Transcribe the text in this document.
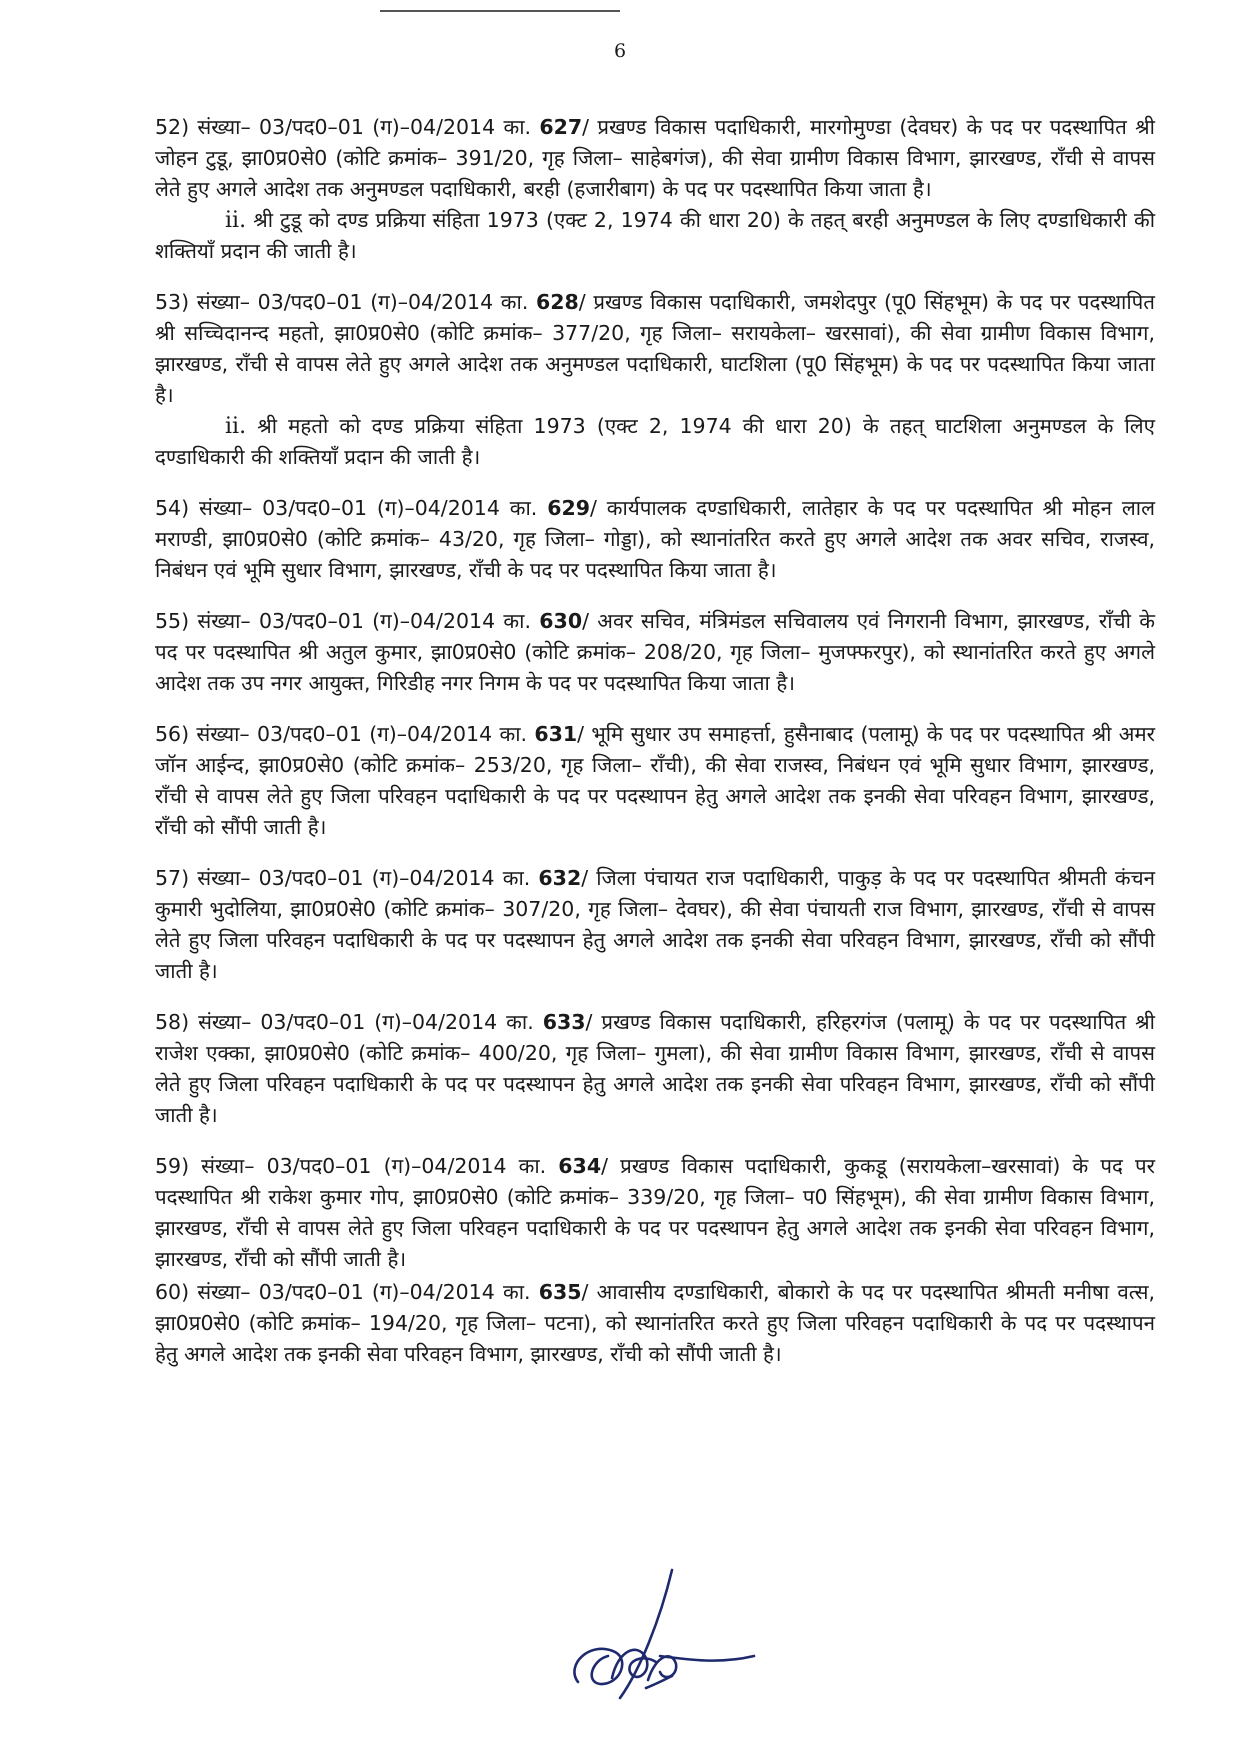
6

52) संख्या– 03/पद0–01 (ग)–04/2014 का. 627/ प्रखण्ड विकास पदाधिकारी, मारगोमुण्डा (देवघर) के पद पर पदस्थापित श्री जोहन टुडू, झा0प्र0से0 (कोटि क्रमांक– 391/20, गृह जिला– साहेबगंज), की सेवा ग्रामीण विकास विभाग, झारखण्ड, राँची से वापस लेते हुए अगले आदेश तक अनुमण्डल पदाधिकारी, बरही (हजारीबाग) के पद पर पदस्थापित किया जाता है।

ii. श्री टुडू को दण्ड प्रक्रिया संहिता 1973 (एक्ट 2, 1974 की धारा 20) के तहत् बरही अनुमण्डल के लिए दण्डाधिकारी की शक्तियाँ प्रदान की जाती है।

53) संख्या– 03/पद0–01 (ग)–04/2014 का. 628/ प्रखण्ड विकास पदाधिकारी, जमशेदपुर (पू0 सिंहभूम) के पद पर पदस्थापित श्री सच्चिदानन्द महतो, झा0प्र0से0 (कोटि क्रमांक– 377/20, गृह जिला– सरायकेला– खरसावां), की सेवा ग्रामीण विकास विभाग, झारखण्ड, राँची से वापस लेते हुए अगले आदेश तक अनुमण्डल पदाधिकारी, घाटशिला (पू0 सिंहभूम) के पद पर पदस्थापित किया जाता है।

ii. श्री महतो को दण्ड प्रक्रिया संहिता 1973 (एक्ट 2, 1974 की धारा 20) के तहत् घाटशिला अनुमण्डल के लिए दण्डाधिकारी की शक्तियाँ प्रदान की जाती है।

54) संख्या– 03/पद0–01 (ग)–04/2014 का. 629/ कार्यपालक दण्डाधिकारी, लातेहार के पद पर पदस्थापित श्री मोहन लाल मराण्डी, झा0प्र0से0 (कोटि क्रमांक– 43/20, गृह जिला– गोड्डा), को स्थानांतरित करते हुए अगले आदेश तक अवर सचिव, राजस्व, निबंधन एवं भूमि सुधार विभाग, झारखण्ड, राँची के पद पर पदस्थापित किया जाता है।

55) संख्या– 03/पद0–01 (ग)–04/2014 का. 630/ अवर सचिव, मंत्रिमंडल सचिवालय एवं निगरानी विभाग, झारखण्ड, राँची के पद पर पदस्थापित श्री अतुल कुमार, झा0प्र0से0 (कोटि क्रमांक– 208/20, गृह जिला– मुजफ्फरपुर), को स्थानांतरित करते हुए अगले आदेश तक उप नगर आयुक्त, गिरिडीह नगर निगम के पद पर पदस्थापित किया जाता है।

56) संख्या– 03/पद0–01 (ग)–04/2014 का. 631/ भूमि सुधार उप समाहर्त्ता, हुसैनाबाद (पलामू) के पद पर पदस्थापित श्री अमर जॉन आईन्द, झा0प्र0से0 (कोटि क्रमांक– 253/20, गृह जिला– राँची), की सेवा राजस्व, निबंधन एवं भूमि सुधार विभाग, झारखण्ड, राँची से वापस लेते हुए जिला परिवहन पदाधिकारी के पद पर पदस्थापन हेतु अगले आदेश तक इनकी सेवा परिवहन विभाग, झारखण्ड, राँची को सौंपी जाती है।

57) संख्या– 03/पद0–01 (ग)–04/2014 का. 632/ जिला पंचायत राज पदाधिकारी, पाकुड़ के पद पर पदस्थापित श्रीमती कंचन कुमारी भुदोलिया, झा0प्र0से0 (कोटि क्रमांक– 307/20, गृह जिला– देवघर), की सेवा पंचायती राज विभाग, झारखण्ड, राँची से वापस लेते हुए जिला परिवहन पदाधिकारी के पद पर पदस्थापन हेतु अगले आदेश तक इनकी सेवा परिवहन विभाग, झारखण्ड, राँची को सौंपी जाती है।

58) संख्या– 03/पद0–01 (ग)–04/2014 का. 633/ प्रखण्ड विकास पदाधिकारी, हरिहरगंज (पलामू) के पद पर पदस्थापित श्री राजेश एक्का, झा0प्र0से0 (कोटि क्रमांक– 400/20, गृह जिला– गुमला), की सेवा ग्रामीण विकास विभाग, झारखण्ड, राँची से वापस लेते हुए जिला परिवहन पदाधिकारी के पद पर पदस्थापन हेतु अगले आदेश तक इनकी सेवा परिवहन विभाग, झारखण्ड, राँची को सौंपी जाती है।

59) संख्या– 03/पद0–01 (ग)–04/2014 का. 634/ प्रखण्ड विकास पदाधिकारी, कुकडू (सरायकेला–खरसावां) के पद पर पदस्थापित श्री राकेश कुमार गोप, झा0प्र0से0 (कोटि क्रमांक– 339/20, गृह जिला– प0 सिंहभूम), की सेवा ग्रामीण विकास विभाग, झारखण्ड, राँची से वापस लेते हुए जिला परिवहन पदाधिकारी के पद पर पदस्थापन हेतु अगले आदेश तक इनकी सेवा परिवहन विभाग, झारखण्ड, राँची को सौंपी जाती है।

60) संख्या– 03/पद0–01 (ग)–04/2014 का. 635/ आवासीय दण्डाधिकारी, बोकारो के पद पर पदस्थापित श्रीमती मनीषा वत्स, झा0प्र0से0 (कोटि क्रमांक– 194/20, गृह जिला– पटना), को स्थानांतरित करते हुए जिला परिवहन पदाधिकारी के पद पर पदस्थापन हेतु अगले आदेश तक इनकी सेवा परिवहन विभाग, झारखण्ड, राँची को सौंपी जाती है।
